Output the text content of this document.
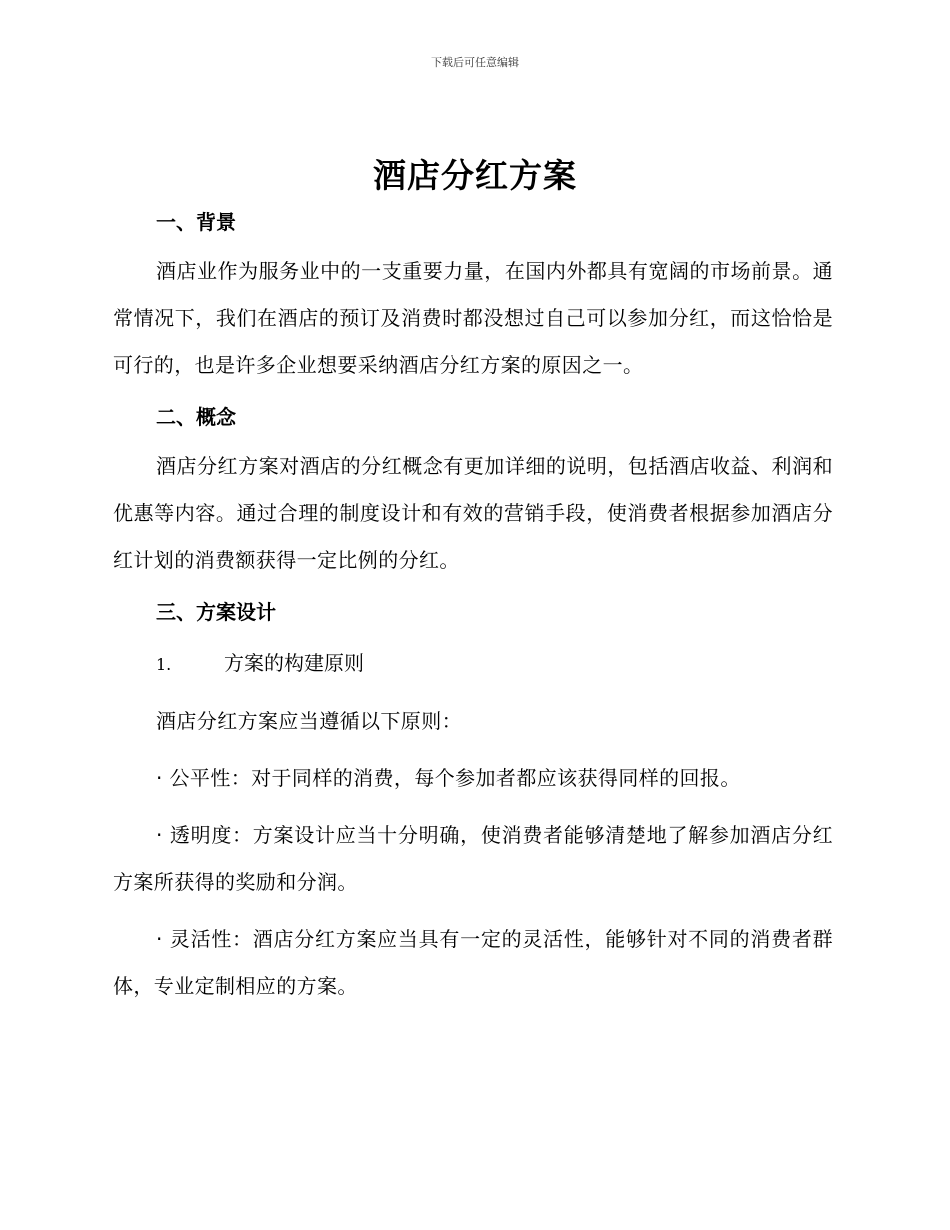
下载后可任意编辑
酒店分红方案
一、背景

酒店业作为服务业中的一支重要力量，在国内外都具有宽阔的市场前景。通常情况下，我们在酒店的预订及消费时都没想过自己可以参加分红，而这恰恰是可行的，也是许多企业想要采纳酒店分红方案的原因之一。

二、概念

酒店分红方案对酒店的分红概念有更加详细的说明，包括酒店收益、利润和优惠等内容。通过合理的制度设计和有效的营销手段，使消费者根据参加酒店分红计划的消费额获得一定比例的分红。

三、方案设计

1.	方案的构建原则

酒店分红方案应当遵循以下原则：

· 公平性：对于同样的消费，每个参加者都应该获得同样的回报。

· 透明度：方案设计应当十分明确，使消费者能够清楚地了解参加酒店分红方案所获得的奖励和分润。

· 灵活性：酒店分红方案应当具有一定的灵活性，能够针对不同的消费者群体，专业定制相应的方案。
